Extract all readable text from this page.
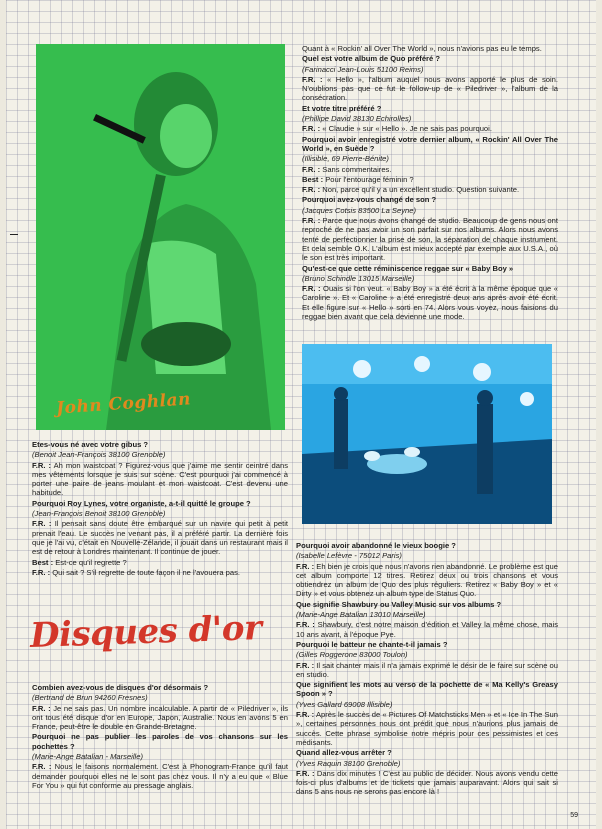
John Coghlan

Quant à « Rockin' all Over The World », nous n'avions pas eu le temps.

Quel est votre album de Quo préféré ?

(Farinacci Jean-Louis 51100 Reims)

F.R. : « Hello », l'album auquel nous avons apporté le plus de soin. N'oublions pas que ce fut le follow-up de « Piledriver », l'album de la consécration.

Et votre titre préféré ?

(Phillipe David 38130 Echirolles)

F.R. : « Claudie » sur « Hello ». Je ne sais pas pourquoi.

Pourquoi avoir enregistré votre dernier album, « Rockin' All Over The World », en Suède ?

(Illisible, 69 Pierre-Bénite)

F.R. : Sans commentaires.

Best : Pour l'entourage féminin ?

F.R. : Non, parce qu'il y a un excellent studio. Question suivante.

Pourquoi avez-vous changé de son ?

(Jacques Cotsis 83500 La Seyne)

F.R. : Parce que nous avons changé de studio. Beaucoup de gens nous ont reproché de ne pas avoir un son parfait sur nos albums. Alors nous avons tenté de perfectionner la prise de son, la séparation de chaque instrument. Et cela semble O.K. L'album est mieux accepté par exemple aux U.S.A., où le son est très important.

Qu'est-ce que cette réminiscence reggae sur « Baby Boy »

(Bruno Schindle 13015 Marseille)

F.R. : Ouais si l'on veut. « Baby Boy » a été écrit à la même époque que « Caroline ». Et « Caroline » a été enregistré deux ans après avoir été écrit. Et elle figure sur « Hello » sorti en 74. Alors vous voyez, nous faisions du reggae bien avant que cela devienne une mode.

Etes-vous né avec votre gibus ?

(Benoit Jean-François 38100 Grenoble)

F.R. : Ah mon waistcoat ? Figurez-vous que j'aime me sentir ceintré dans mes vêtements lorsque je suis sur scène. C'est pourquoi j'ai commencé à porter une paire de jeans moulant et mon waistcoat. C'est devenu une habitude.

Pourquoi Roy Lynes, votre organiste, a-t-il quitté le groupe ?

(Jean-François Benoit 38100 Grenoble)

F.R. : Il pensait sans doute être embarqué sur un navire qui petit à petit prenait l'eau. Le succès ne venant pas, il a préféré partir. La dernière fois que je l'ai vu, c'était en Nouvelle-Zélande, il jouait dans un restaurant mais il est de retour à Londres maintenant. Il continue de jouer.

Best : Est-ce qu'il regrette ?

F.R. : Qui sait ? S'il regrette de toute façon il ne l'avouera pas.

Disques d'or

Combien avez-vous de disques d'or désormais ?

(Bertrand de Brun 94260 Fresnes)

F.R. : Je ne sais pas. Un nombre incalculable. A partir de « Piledriver », ils ont tous été disque d'or en Europe, Japon, Australie. Nous en avons 5 en France, peut-être le double en Grande-Bretagne.

Pourquoi ne pas publier les paroles de vos chansons sur les pochettes ?

(Marie-Ange Batalian - Marseille)

F.R. : Nous le faisons normalement. C'est à Phonogram-France qu'il faut demander pourquoi elles ne le sont pas chez vous. Il n'y a eu que « Blue For You » qui fut conforme au pressage anglais.

Pourquoi avoir abandonné le vieux boogie ?

(Isabelle Lefèvre - 75012 Paris)

F.R. : Eh bien je crois que nous n'avons rien abandonné. Le problème est que cet album comporte 12 titres. Retirez deux ou trois chansons et vous obtiendrez un album de Quo des plus réguliers. Retirez « Baby Boy » et « Dirty » et vous obtenez un album type de Status Quo.

Que signifie Shawbury ou Valley Music sur vos albums ?

(Marie-Ange Batalian 13010 Marseille)

F.R. : Shawbury, c'est notre maison d'édition et Valley la même chose, mais 10 ans avant, à l'époque Pye.

Pourquoi le batteur ne chante-t-il jamais ?

(Gilles Roggerone 83000 Toulon)

F.R. : Il sait chanter mais il n'a jamais exprimé le désir de le faire sur scène ou en studio.

Que signifient les mots au verso de la pochette de « Ma Kelly's Greasy Spoon » ?

(Yves Gallard 69008 Illisible)

F.R. : Après le succès de « Pictures Of Matchsticks Men » et « Ice In The Sun », certaines personnes nous ont prédit que nous n'aurions plus jamais de succès. Cette phrase symbolise notre mépris pour ces pessimistes et ces médisants.

Quand allez-vous arrêter ?

(Yves Raquin 38100 Grenoble)

F.R. : Dans dix minutes ! C'est au public de décider. Nous avons vendu cette fois-ci plus d'albums et de tickets que jamais auparavant. Alors qui sait si dans 5 ans nous ne serons pas encore là !

59
